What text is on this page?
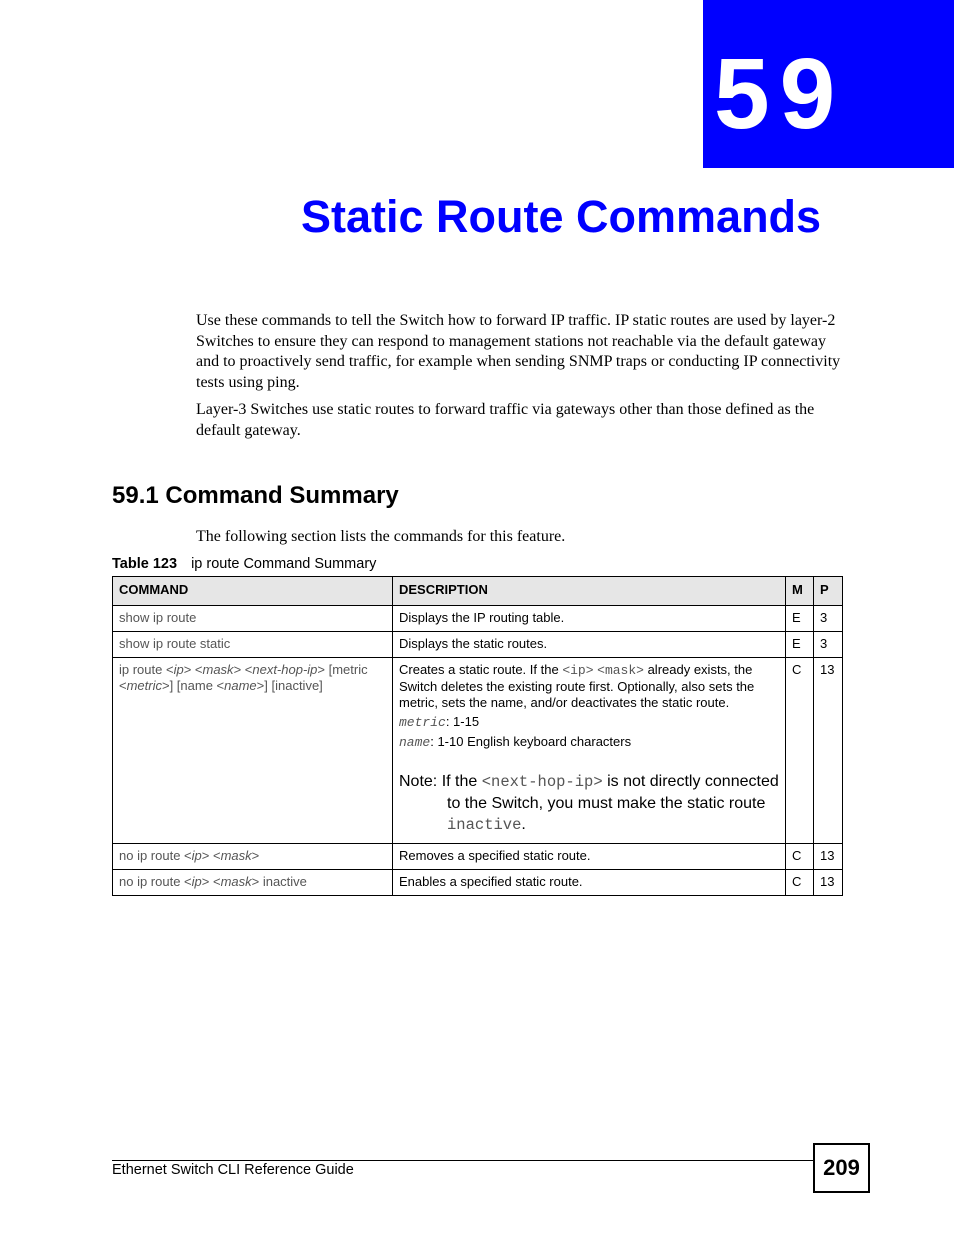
59
Static Route Commands
Use these commands to tell the Switch how to forward IP traffic. IP static routes are used by layer-2 Switches to ensure they can respond to management stations not reachable via the default gateway and to proactively send traffic, for example when sending SNMP traps or conducting IP connectivity tests using ping.
Layer-3 Switches use static routes to forward traffic via gateways other than those defined as the default gateway.
59.1 Command Summary
The following section lists the commands for this feature.
Table 123 ip route Command Summary
COMMAND	DESCRIPTION	M	P
show ip route	Displays the IP routing table.	E	3
show ip route static	Displays the static routes.	E	3
ip route <ip> <mask> <next-hop-ip> [metric <metric>] [name <name>] [inactive]	Creates a static route. If the <ip> <mask> already exists, the Switch deletes the existing route first. Optionally, also sets the metric, sets the name, and/or deactivates the static route.
metric: 1-15
name: 1-10 English keyboard characters
Note: If the <next-hop-ip> is not directly connected to the Switch, you must make the static route inactive.	C	13
no ip route <ip> <mask>	Removes a specified static route.	C	13
no ip route <ip> <mask> inactive	Enables a specified static route.	C	13
Ethernet Switch CLI Reference Guide	209
